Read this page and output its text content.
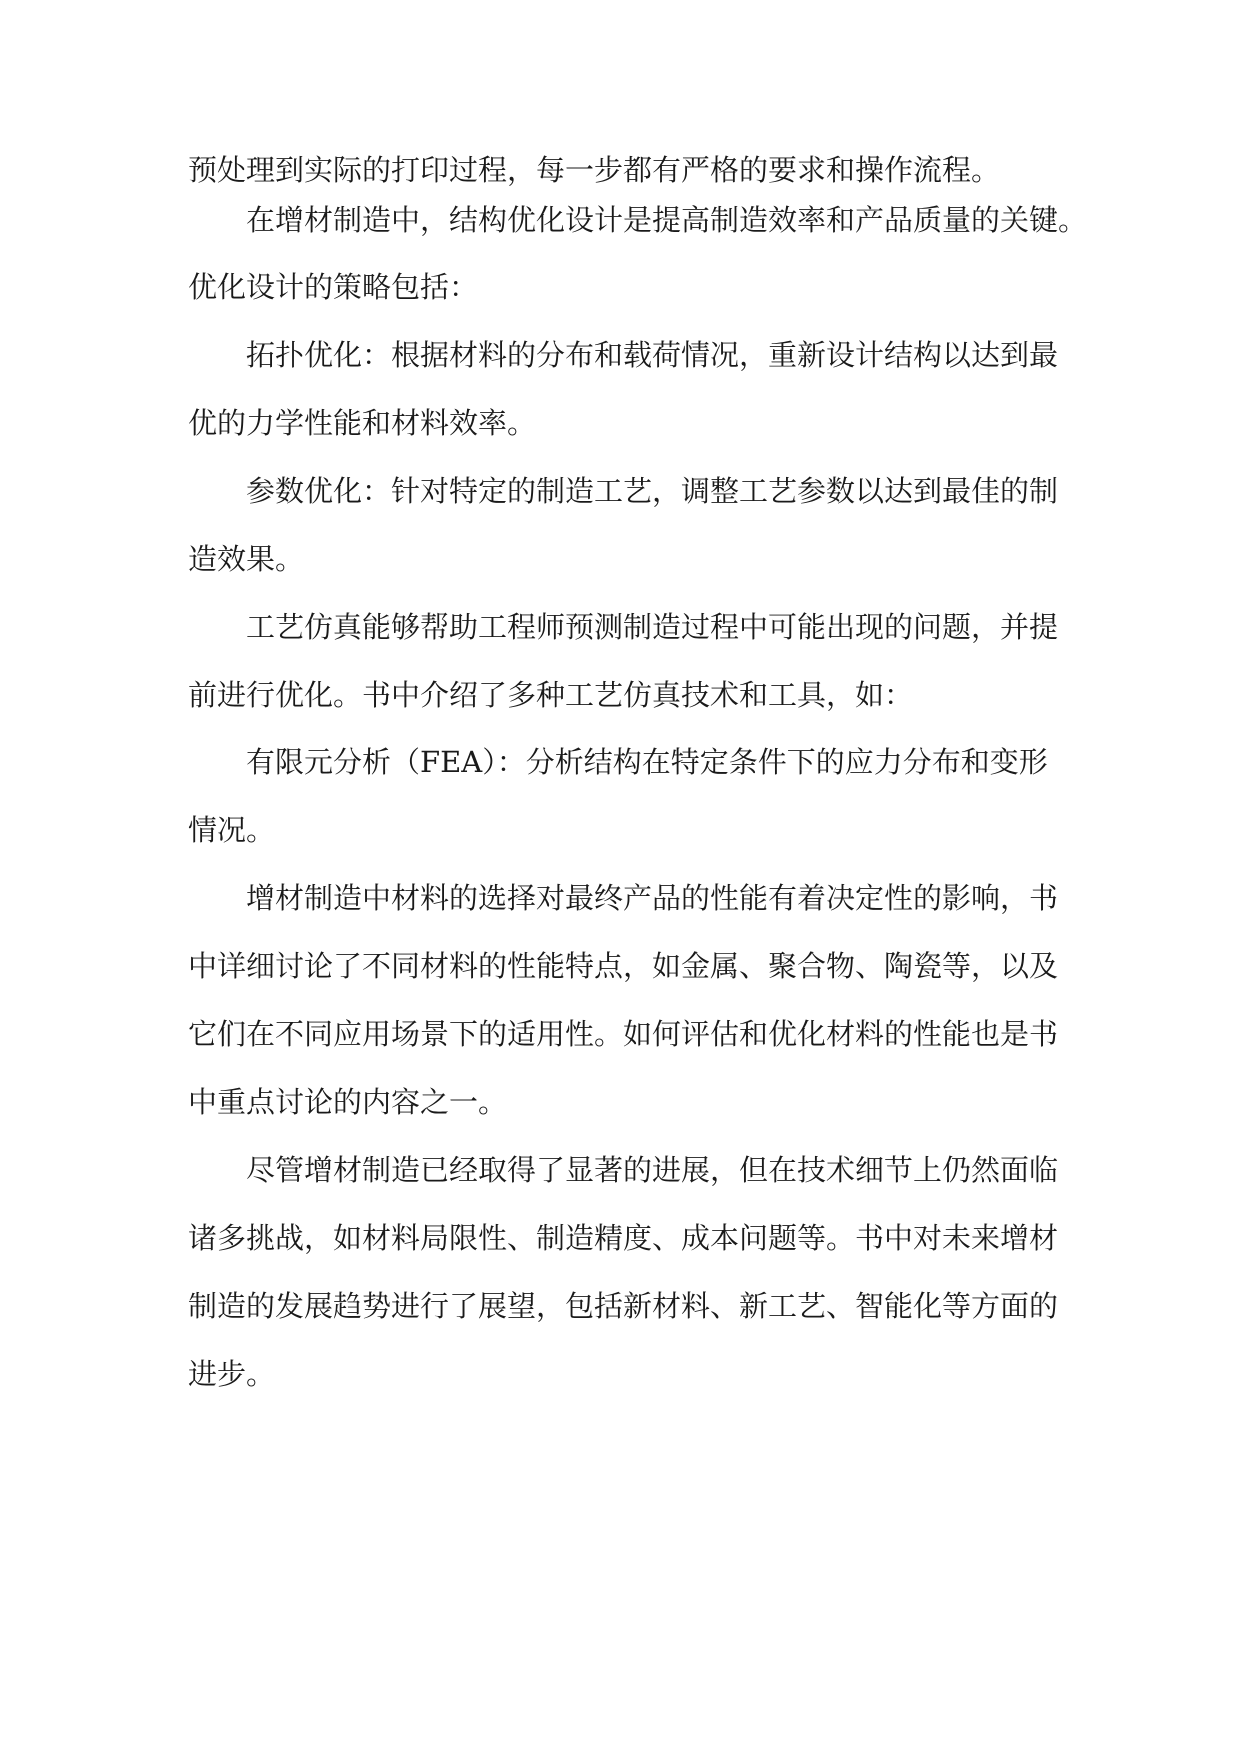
预处理到实际的打印过程，每一步都有严格的要求和操作流程。
在增材制造中，结构优化设计是提高制造效率和产品质量的关键。
优化设计的策略包括：
拓扑优化：根据材料的分布和载荷情况，重新设计结构以达到最
优的力学性能和材料效率。
参数优化：针对特定的制造工艺，调整工艺参数以达到最佳的制
造效果。
工艺仿真能够帮助工程师预测制造过程中可能出现的问题，并提
前进行优化。书中介绍了多种工艺仿真技术和工具，如：
有限元分析（FEA）：分析结构在特定条件下的应力分布和变形
情况。
增材制造中材料的选择对最终产品的性能有着决定性的影响，书
中详细讨论了不同材料的性能特点，如金属、聚合物、陶瓷等，以及
它们在不同应用场景下的适用性。如何评估和优化材料的性能也是书
中重点讨论的内容之一。
尽管增材制造已经取得了显著的进展，但在技术细节上仍然面临
诸多挑战，如材料局限性、制造精度、成本问题等。书中对未来增材
制造的发展趋势进行了展望，包括新材料、新工艺、智能化等方面的
进步。
